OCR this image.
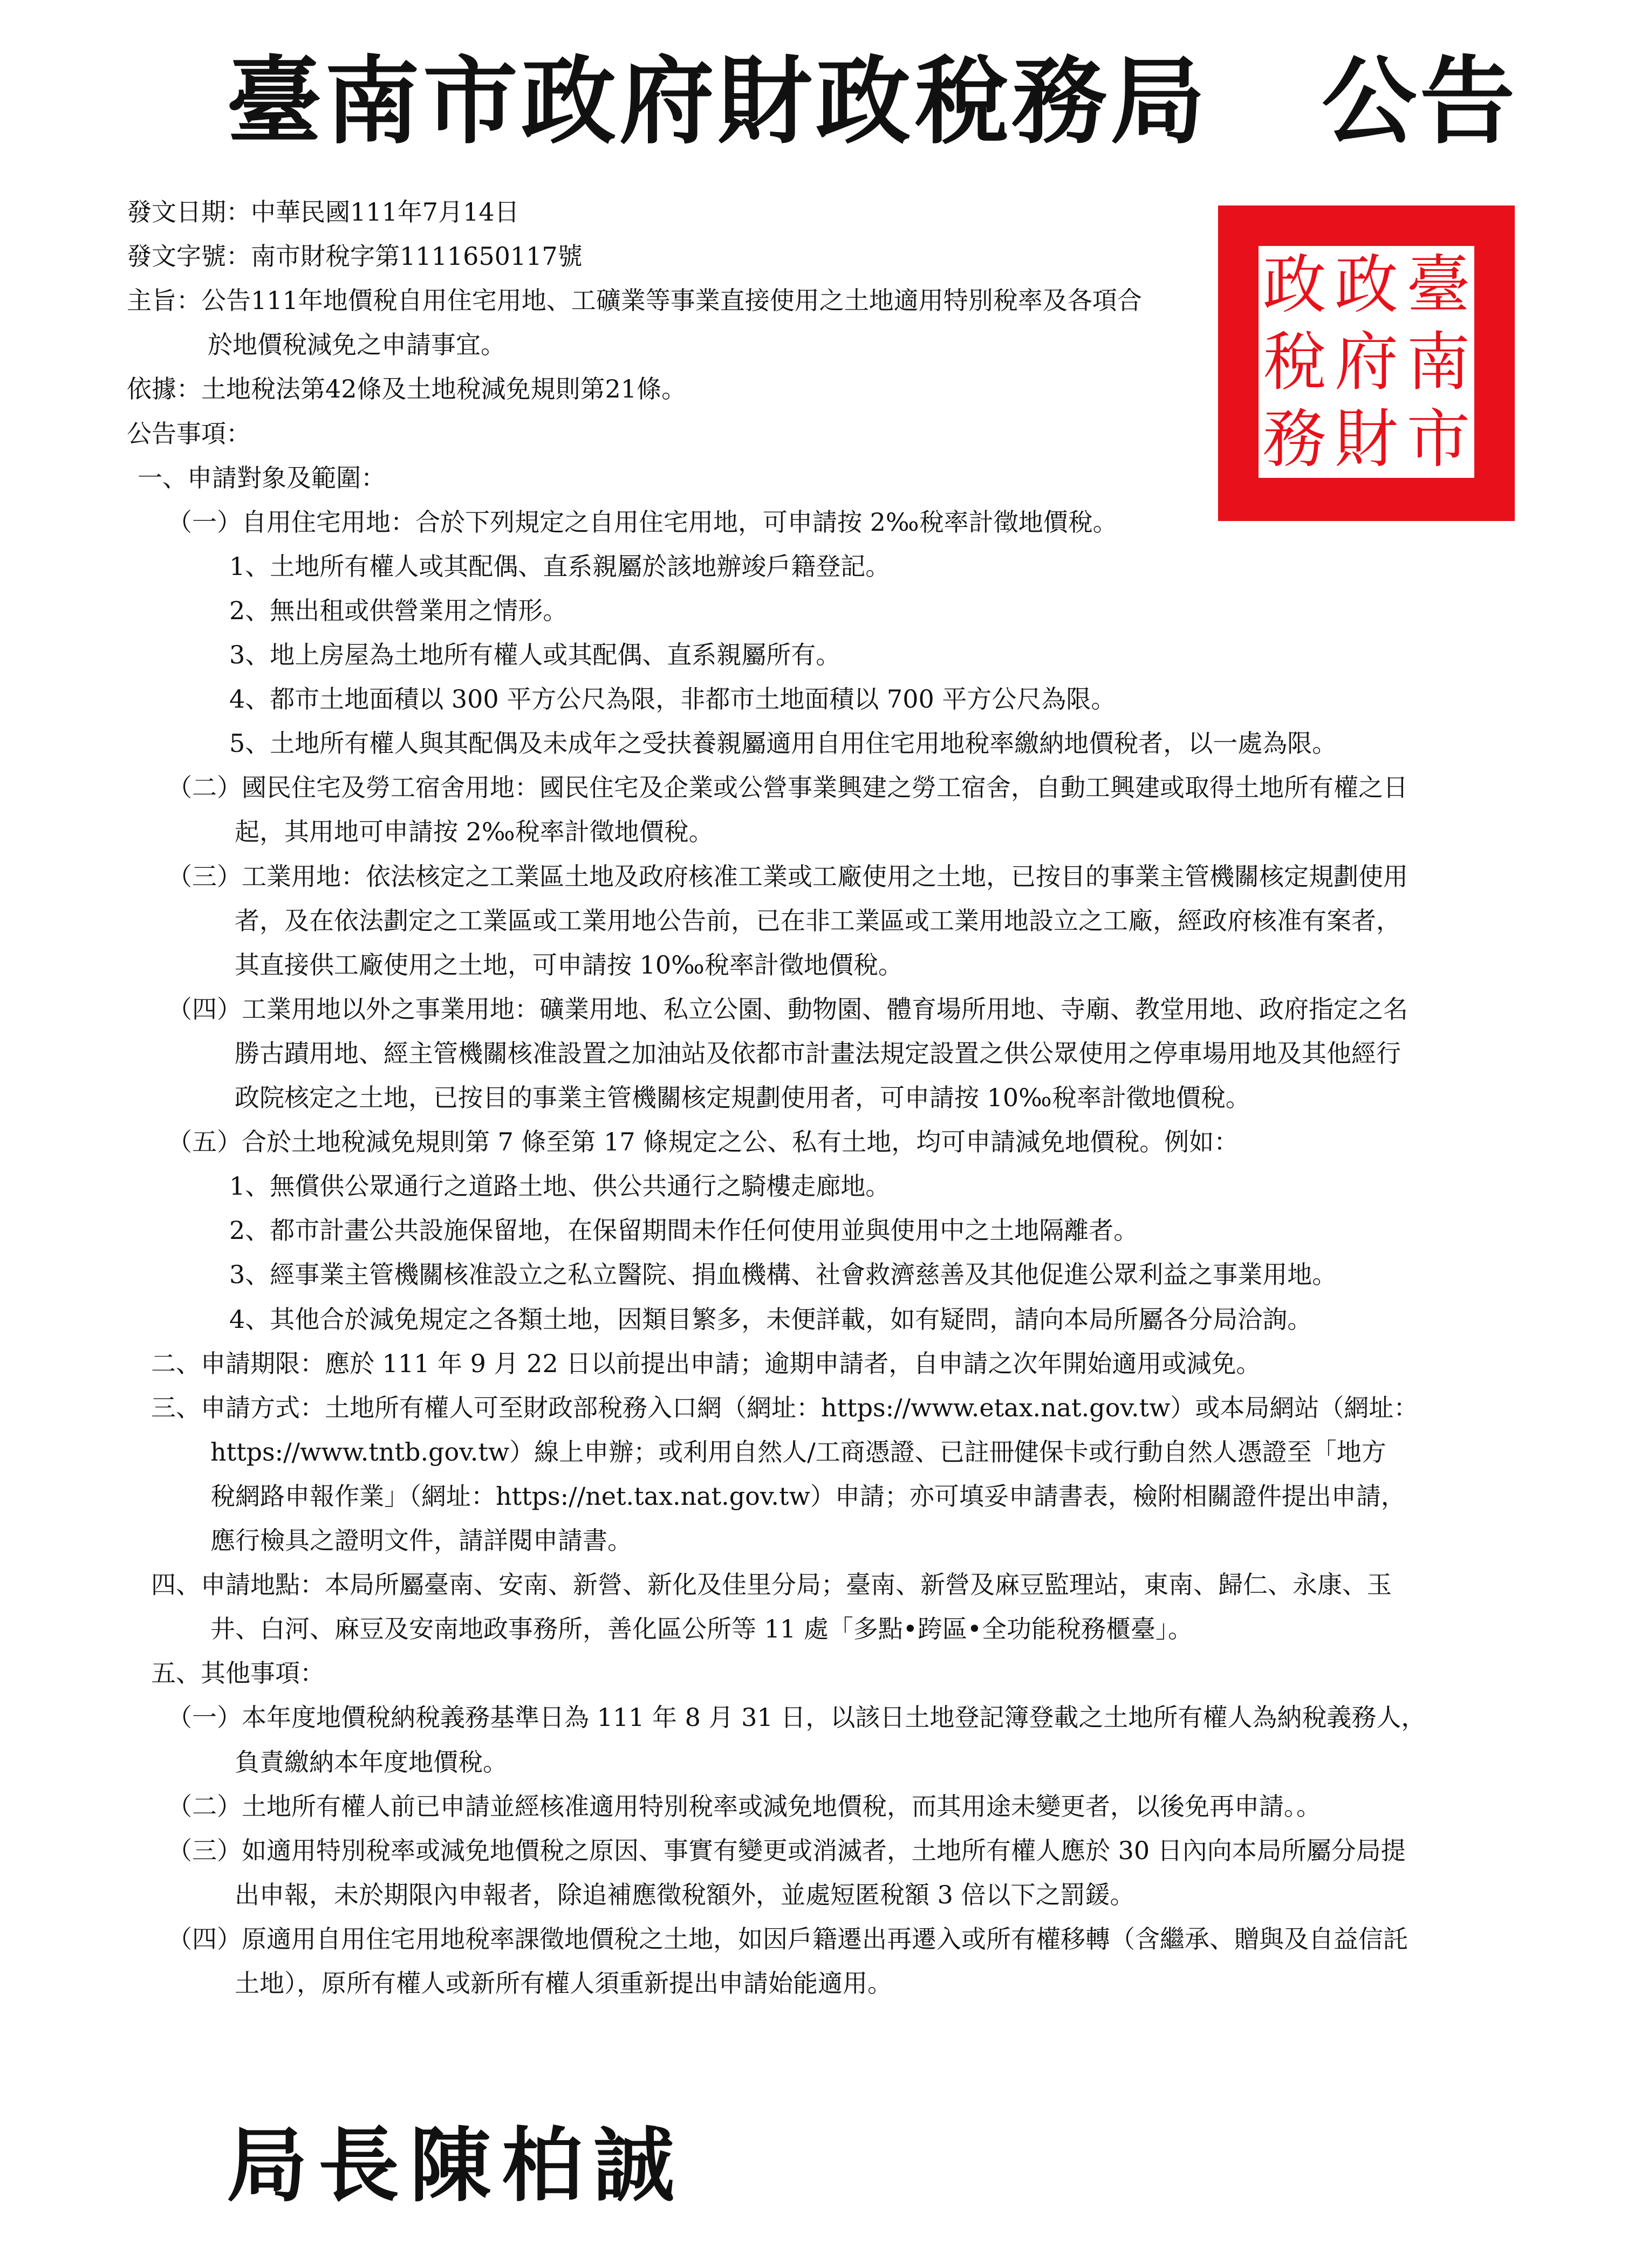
臺南市政府財政稅務局 公告
政 政 臺
稅 府 南
務 財 市
發文日期：中華民國111年7月14日
發文字號：南市財稅字第1111650117號
主旨：公告111年地價稅自用住宅用地、工礦業等事業直接使用之土地適用特別稅率及各項合
於地價稅減免之申請事宜。
依據：土地稅法第42條及土地稅減免規則第21條。
公告事項：
一、申請對象及範圍：
（一）自用住宅用地：合於下列規定之自用住宅用地，可申請按 2‰稅率計徵地價稅。
1、土地所有權人或其配偶、直系親屬於該地辦竣戶籍登記。
2、無出租或供營業用之情形。
3、地上房屋為土地所有權人或其配偶、直系親屬所有。
4、都市土地面積以 300 平方公尺為限，非都市土地面積以 700 平方公尺為限。
5、土地所有權人與其配偶及未成年之受扶養親屬適用自用住宅用地稅率繳納地價稅者，以一處為限。
（二）國民住宅及勞工宿舍用地：國民住宅及企業或公營事業興建之勞工宿舍，自動工興建或取得土地所有權之日
起，其用地可申請按 2‰稅率計徵地價稅。
（三）工業用地：依法核定之工業區土地及政府核准工業或工廠使用之土地，已按目的事業主管機關核定規劃使用
者，及在依法劃定之工業區或工業用地公告前，已在非工業區或工業用地設立之工廠，經政府核准有案者，
其直接供工廠使用之土地，可申請按 10‰稅率計徵地價稅。
（四）工業用地以外之事業用地：礦業用地、私立公園、動物園、體育場所用地、寺廟、教堂用地、政府指定之名
勝古蹟用地、經主管機關核准設置之加油站及依都市計畫法規定設置之供公眾使用之停車場用地及其他經行
政院核定之土地，已按目的事業主管機關核定規劃使用者，可申請按 10‰稅率計徵地價稅。
（五）合於土地稅減免規則第 7 條至第 17 條規定之公、私有土地，均可申請減免地價稅。例如：
1、無償供公眾通行之道路土地、供公共通行之騎樓走廊地。
2、都市計畫公共設施保留地，在保留期間未作任何使用並與使用中之土地隔離者。
3、經事業主管機關核准設立之私立醫院、捐血機構、社會救濟慈善及其他促進公眾利益之事業用地。
4、其他合於減免規定之各類土地，因類目繁多，未便詳載，如有疑問，請向本局所屬各分局洽詢。
二、申請期限：應於 111 年 9 月 22 日以前提出申請；逾期申請者，自申請之次年開始適用或減免。
三、申請方式：土地所有權人可至財政部稅務入口網（網址：https://www.etax.nat.gov.tw）或本局網站（網址：
https://www.tntb.gov.tw）線上申辦；或利用自然人/工商憑證、已註冊健保卡或行動自然人憑證至「地方
稅網路申報作業」（網址：https://net.tax.nat.gov.tw）申請；亦可填妥申請書表，檢附相關證件提出申請，
應行檢具之證明文件，請詳閱申請書。
四、申請地點：本局所屬臺南、安南、新營、新化及佳里分局；臺南、新營及麻豆監理站，東南、歸仁、永康、玉
井、白河、麻豆及安南地政事務所，善化區公所等 11 處「多點•跨區•全功能稅務櫃臺」。
五、其他事項：
（一）本年度地價稅納稅義務基準日為 111 年 8 月 31 日，以該日土地登記簿登載之土地所有權人為納稅義務人，
負責繳納本年度地價稅。
（二）土地所有權人前已申請並經核准適用特別稅率或減免地價稅，而其用途未變更者，以後免再申請。。
（三）如適用特別稅率或減免地價稅之原因、事實有變更或消滅者，土地所有權人應於 30 日內向本局所屬分局提
出申報，未於期限內申報者，除追補應徵稅額外，並處短匿稅額 3 倍以下之罰鍰。
（四）原適用自用住宅用地稅率課徵地價稅之土地，如因戶籍遷出再遷入或所有權移轉（含繼承、贈與及自益信託
土地），原所有權人或新所有權人須重新提出申請始能適用。
局長陳柏誠
